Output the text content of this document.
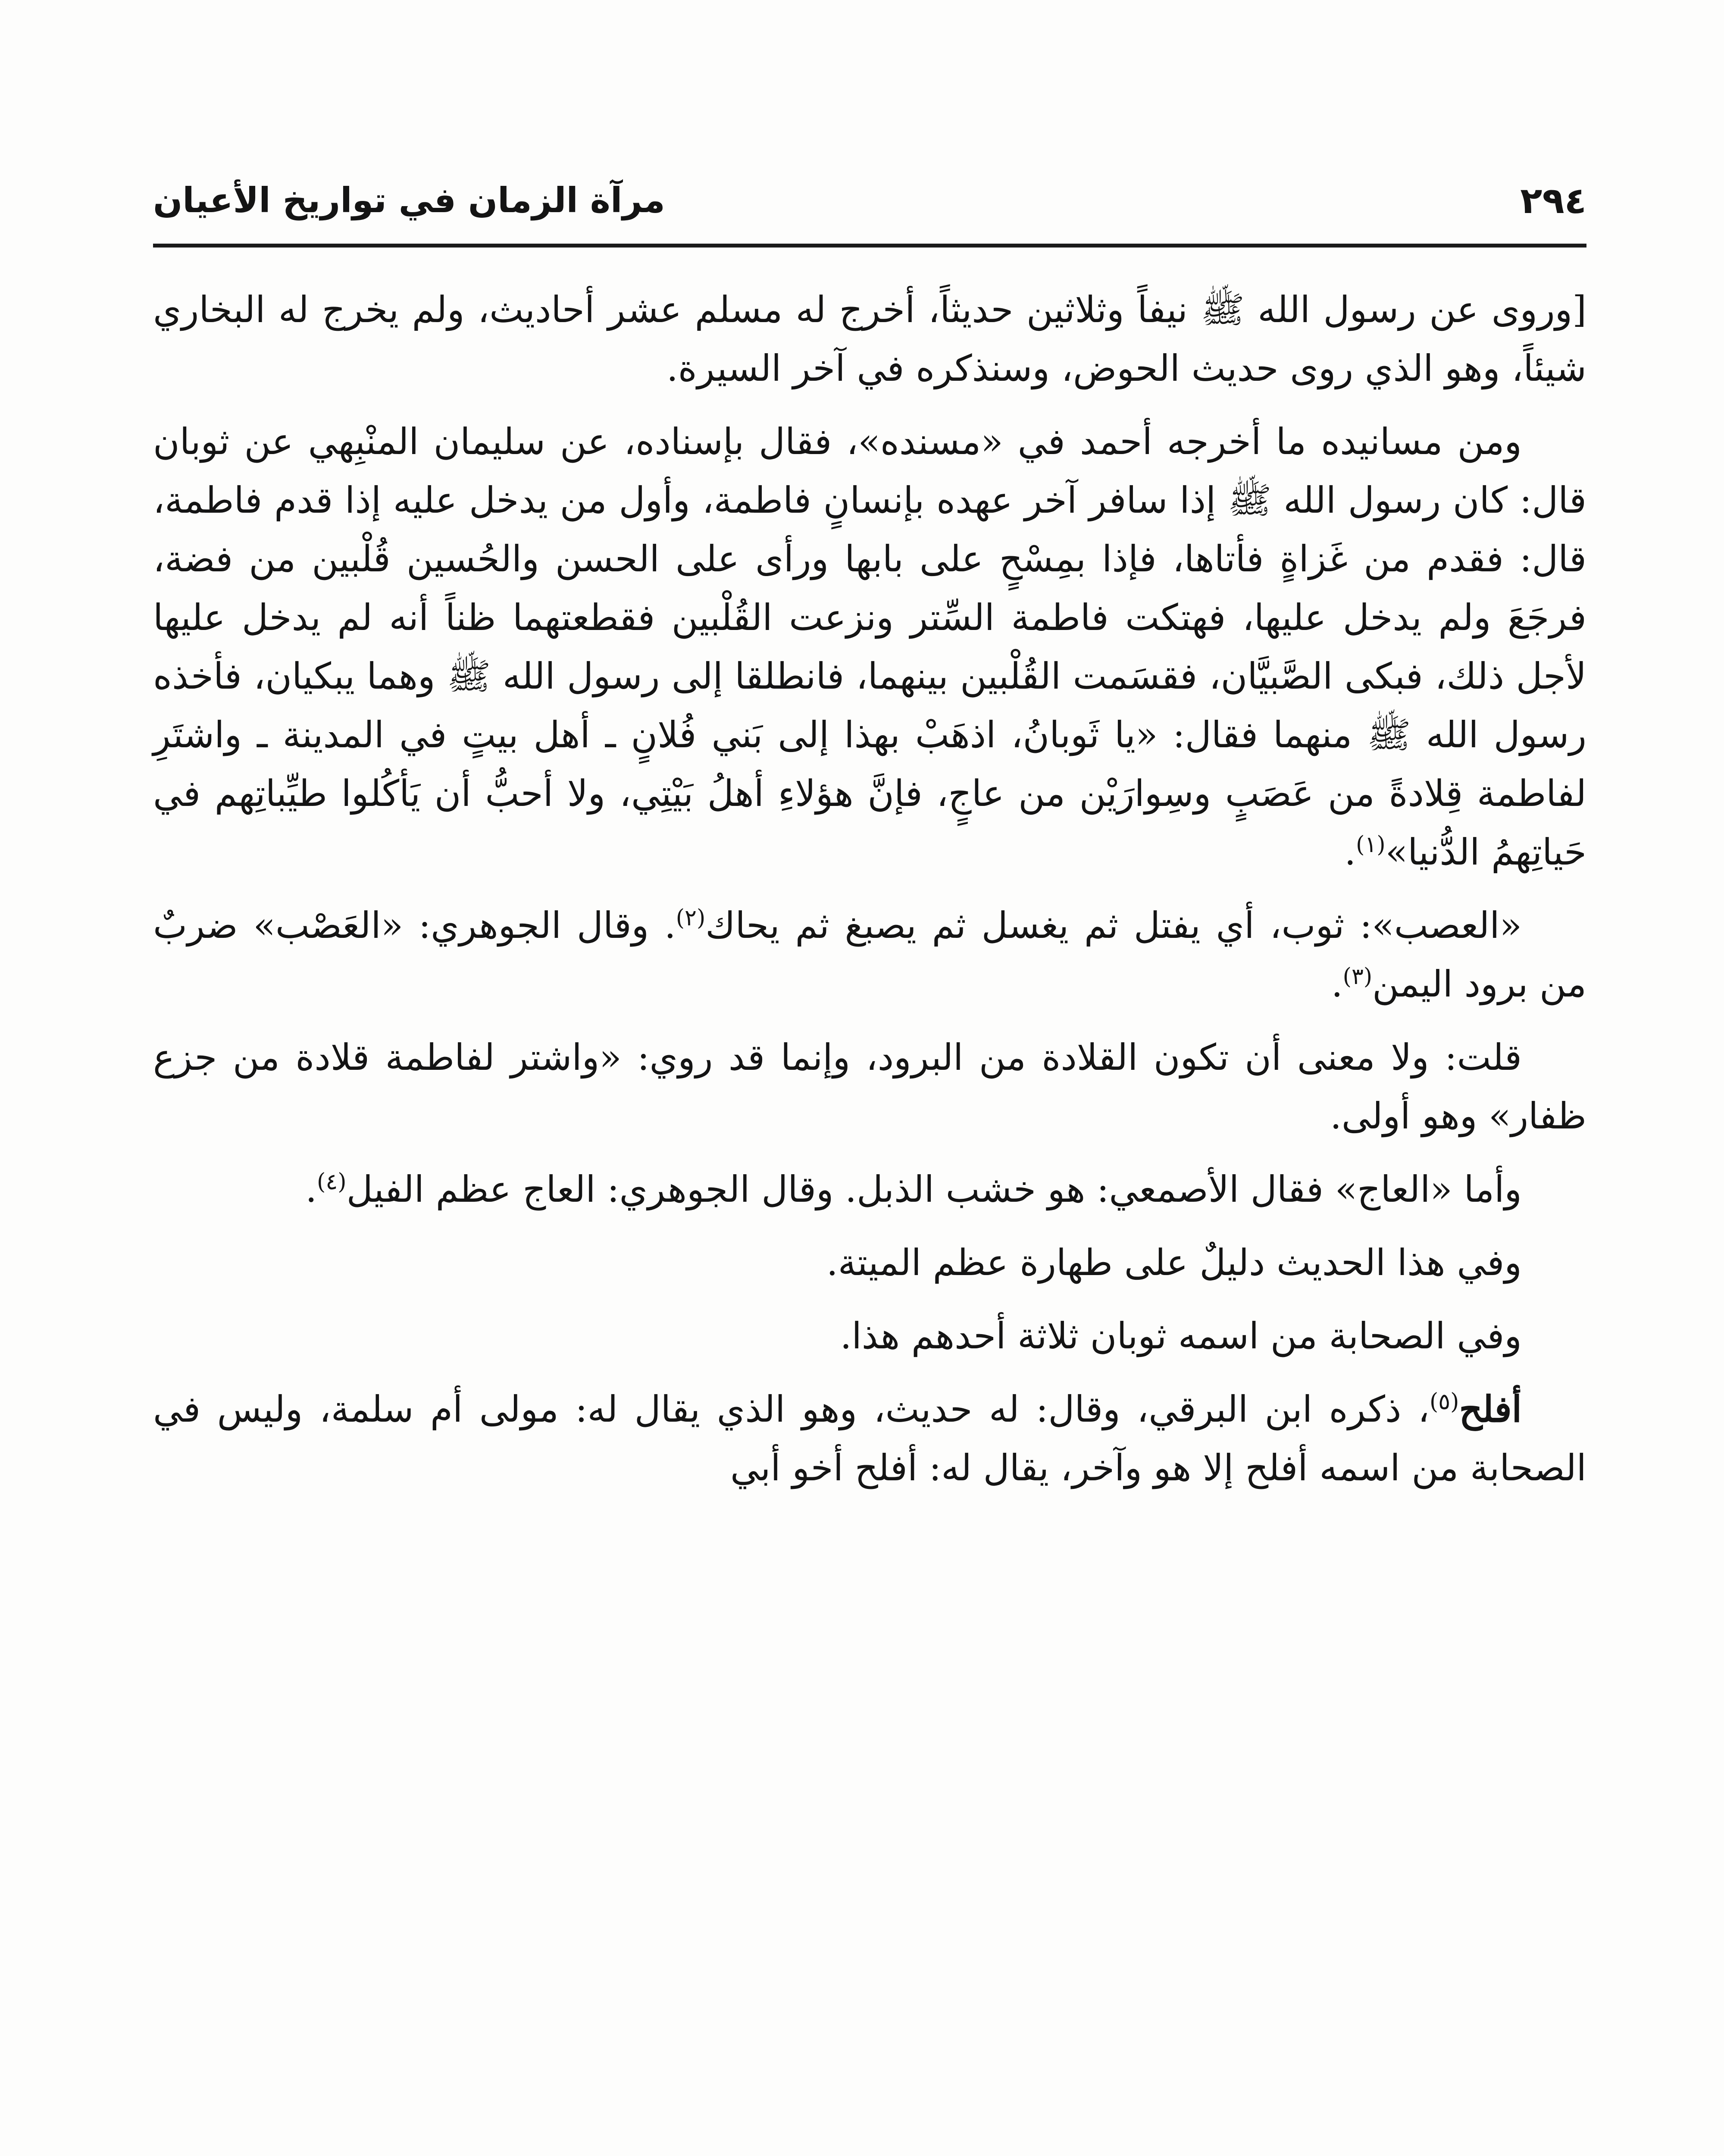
٢٩٤
مرآة الزمان في تواريخ الأعيان

[وروى عن رسول الله ﷺ نيفاً وثلاثين حديثاً، أخرج له مسلم عشر أحاديث، ولم يخرج له البخاري شيئاً، وهو الذي روى حديث الحوض، وسنذكره في آخر السيرة.

ومن مسانيده ما أخرجه أحمد في «مسنده»، فقال بإسناده، عن سليمان المنْبِهي عن ثوبان قال: كان رسول الله ﷺ إذا سافر آخر عهده بإنسانٍ فاطمة، وأول من يدخل عليه إذا قدم فاطمة، قال: فقدم من غَزاةٍ فأتاها، فإذا بمِسْحٍ على بابها ورأى على الحسن والحُسين قُلْبين من فضة، فرجَعَ ولم يدخل عليها، فهتكت فاطمة السِّتر ونزعت القُلْبين فقطعتهما ظناً أنه لم يدخل عليها لأجل ذلك، فبكى الصَّبيَّان، فقسَمت القُلْبين بينهما، فانطلقا إلى رسول الله ﷺ وهما يبكيان، فأخذه رسول الله ﷺ منهما فقال: «يا ثَوبانُ، اذهَبْ بهذا إلى بَني فُلانٍ ـ أهل بيتٍ في المدينة ـ واشتَرِ لفاطمة قِلادةً من عَصَبٍ وسِوارَيْن من عاجٍ، فإنَّ هؤلاءِ أهلُ بَيْتِي، ولا أحبُّ أن يَأكُلوا طيِّباتِهم في حَياتِهمُ الدُّنيا»$^{(١)}$.

«العصب»: ثوب، أي يفتل ثم يغسل ثم يصبغ ثم يحاك$^{(٢)}$. وقال الجوهري: «العَصْب» ضربٌ من برود اليمن$^{(٣)}$.

قلت: ولا معنى أن تكون القلادة من البرود، وإنما قد روي: «واشتر لفاطمة قلادة من جزع ظفار» وهو أولى.

وأما «العاج» فقال الأصمعي: هو خشب الذبل. وقال الجوهري: العاج عظم الفيل$^{(٤)}$.

وفي هذا الحديث دليلٌ على طهارة عظم الميتة.

وفي الصحابة من اسمه ثوبان ثلاثة أحدهم هذا.

أفلح$^{(٥)}$، ذكره ابن البرقي، وقال: له حديث، وهو الذي يقال له: مولى أم سلمة، وليس في الصحابة من اسمه أفلح إلا هو وآخر، يقال له: أفلح أخو أبي
